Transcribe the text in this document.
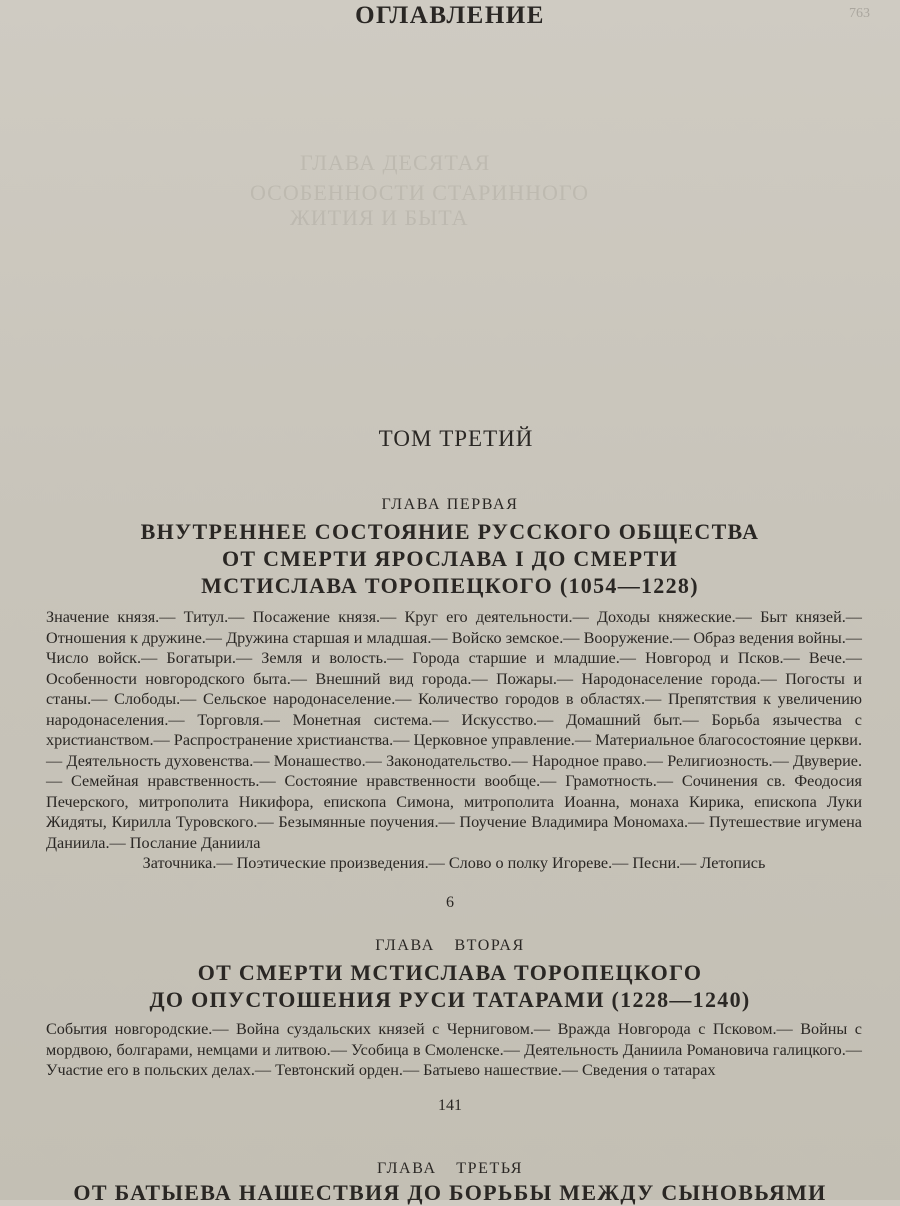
ГЛАВА ДЕСЯТАЯ
ОСОБЕННОСТИ СТАРИННОГО
ЖИТИЯ И БЫТА
ОГЛАВЛЕНИЕ
ТОМ ТРЕТИЙ

ГЛАВА ПЕРВАЯ

ВНУТРЕННЕЕ СОСТОЯНИЕ РУССКОГО ОБЩЕСТВА
ОТ СМЕРТИ ЯРОСЛАВА I ДО СМЕРТИ
МСТИСЛАВА ТОРОПЕЦКОГО (1054—1228)
Значение князя.— Титул.— Посажение князя.— Круг его деятельности.— Доходы княжеские.— Быт князей.— Отношения к дружине.— Дружина старшая и младшая.— Войско земское.— Вооружение.— Образ ведения войны.— Число войск.— Богатыри.— Земля и волость.— Города старшие и младшие.— Новгород и Псков.— Вече.— Особенности новгородского быта.— Внешний вид города.— Пожары.— Народонаселение города.— Погосты и станы.— Слободы.— Сельское народонаселение.— Количество городов в областях.— Препятствия к увеличению народонаселения.— Торговля.— Монетная система.— Искусство.— Домашний быт.— Борьба язычества с христианством.— Распространение христианства.— Церковное управление.— Материальное благосостояние церкви.— Деятельность духовенства.— Монашество.— Законодательство.— Народное право.— Религиозность.— Двуверие.— Семейная нравственность.— Состояние нравственности вообще.— Грамотность.— Сочинения св. Феодосия Печерского, митрополита Никифора, епископа Симона, митрополита Иоанна, монаха Кирика, епископа Луки Жидяты, Кирилла Туровского.— Безымянные поучения.— Поучение Владимира Мономаха.— Путешествие игумена Даниила.— Послание Даниила
Заточника.— Поэтические произведения.— Слово о полку Игореве.— Песни.— Летопись
6

ГЛАВА ВТОРАЯ

ОТ СМЕРТИ МСТИСЛАВА ТОРОПЕЦКОГО
ДО ОПУСТОШЕНИЯ РУСИ ТАТАРАМИ (1228—1240)
События новгородские.— Война суздальских князей с Черниговом.— Вражда Новгорода с Псковом.— Войны с мордвою, болгарами, немцами и литвою.— Усобица в Смоленске.— Деятельность Даниила Романовича галицкого.— Участие его в польских делах.— Тевтонский орден.— Батыево нашествие.— Сведения о татарах
141

ГЛАВА ТРЕТЬЯ

ОТ БАТЫЕВА НАШЕСТВИЯ ДО БОРЬБЫ МЕЖДУ СЫНОВЬЯМИ
763
